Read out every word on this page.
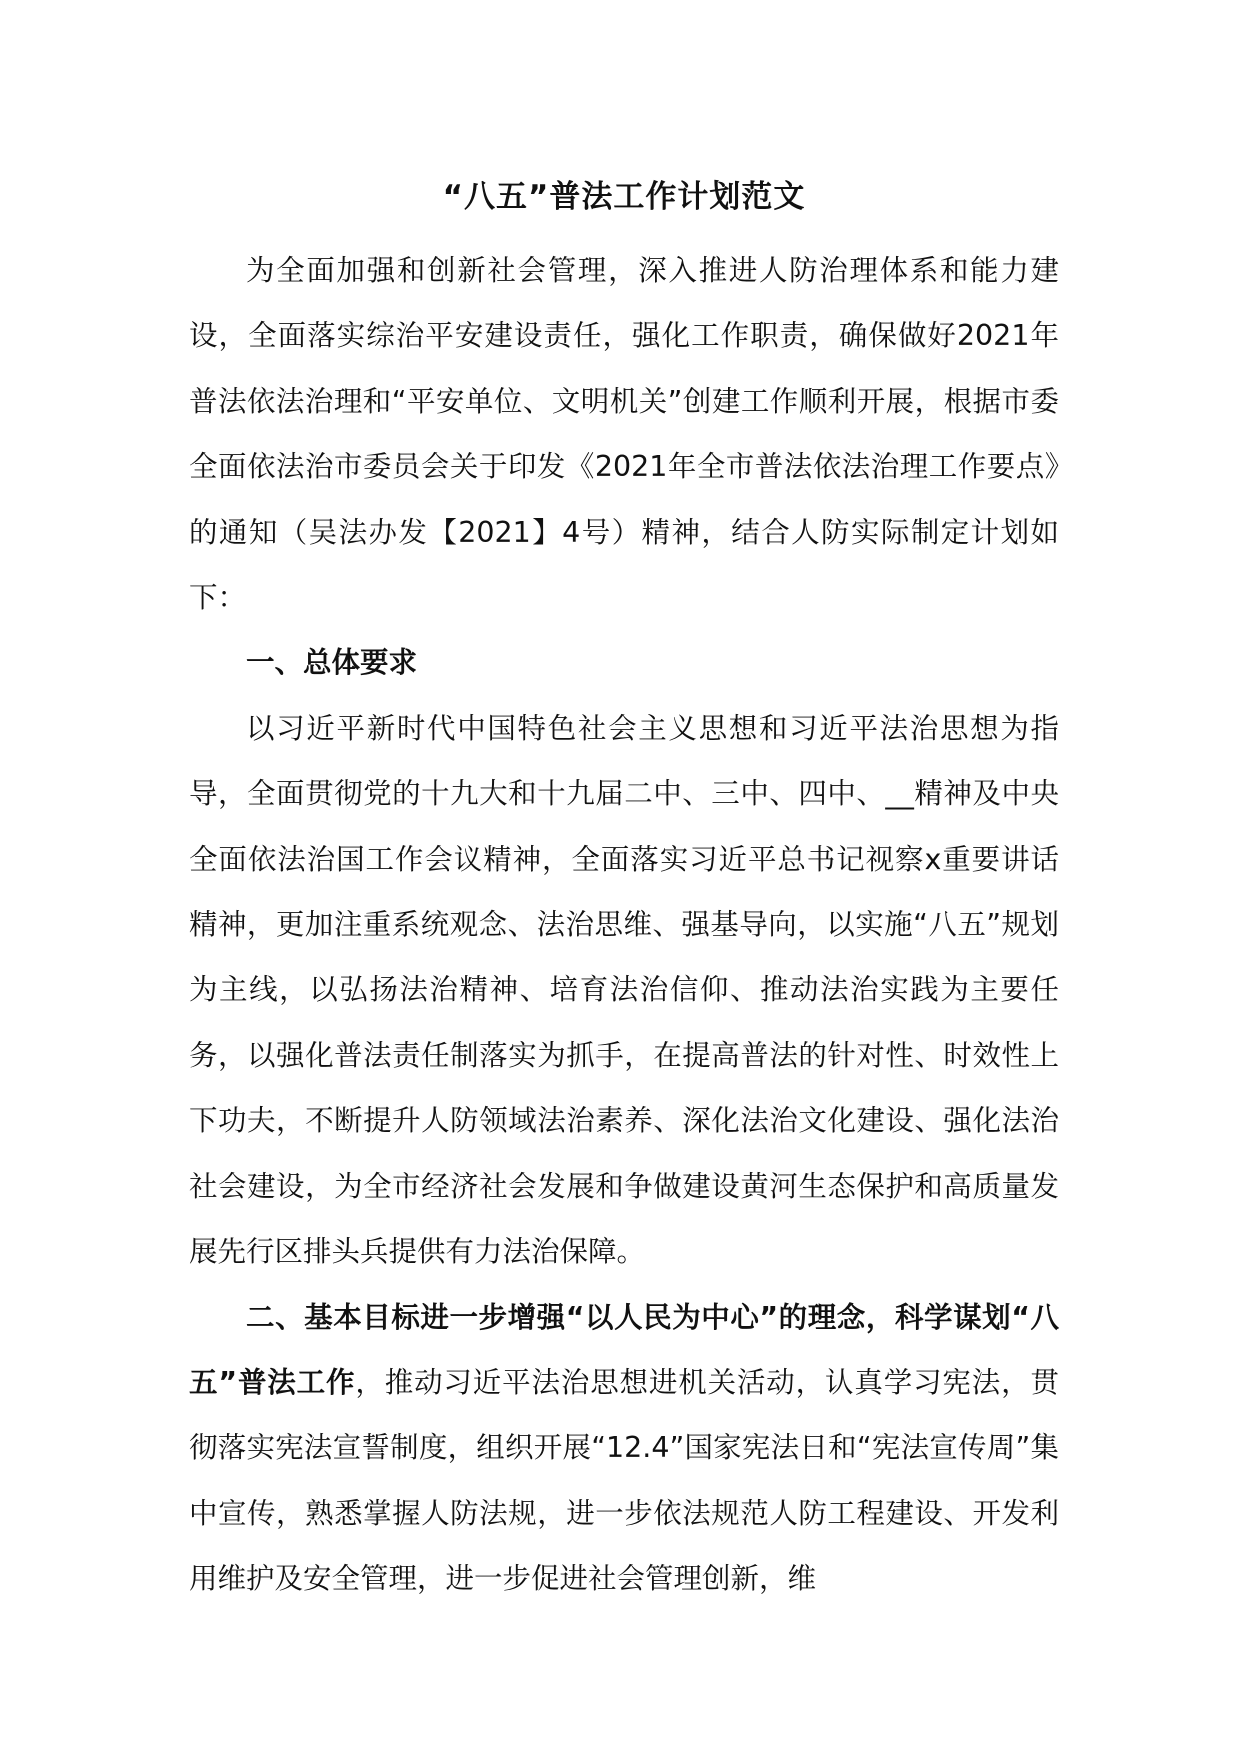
“八五”普法工作计划范文

为全面加强和创新社会管理，深入推进人防治理体系和能力建设，全面落实综治平安建设责任，强化工作职责，确保做好2021年普法依法治理和“平安单位、文明机关”创建工作顺利开展，根据市委全面依法治市委员会关于印发《2021年全市普法依法治理工作要点》的通知（吴法办发【2021】4号）精神，结合人防实际制定计划如下：

一、总体要求

以习近平新时代中国特色社会主义思想和习近平法治思想为指导，全面贯彻党的十九大和十九届二中、三中、四中、__精神及中央全面依法治国工作会议精神，全面落实习近平总书记视察x重要讲话精神，更加注重系统观念、法治思维、强基导向，以实施“八五”规划为主线，以弘扬法治精神、培育法治信仰、推动法治实践为主要任务，以强化普法责任制落实为抓手，在提高普法的针对性、时效性上下功夫，不断提升人防领域法治素养、深化法治文化建设、强化法治社会建设，为全市经济社会发展和争做建设黄河生态保护和高质量发展先行区排头兵提供有力法治保障。

二、基本目标进一步增强“以人民为中心”的理念，科学谋划“八五”普法工作，推动习近平法治思想进机关活动，认真学习宪法，贯彻落实宪法宣誓制度，组织开展“12.4”国家宪法日和“宪法宣传周”集中宣传，熟悉掌握人防法规，进一步依法规范人防工程建设、开发利用维护及安全管理，进一步促进社会管理创新，维
